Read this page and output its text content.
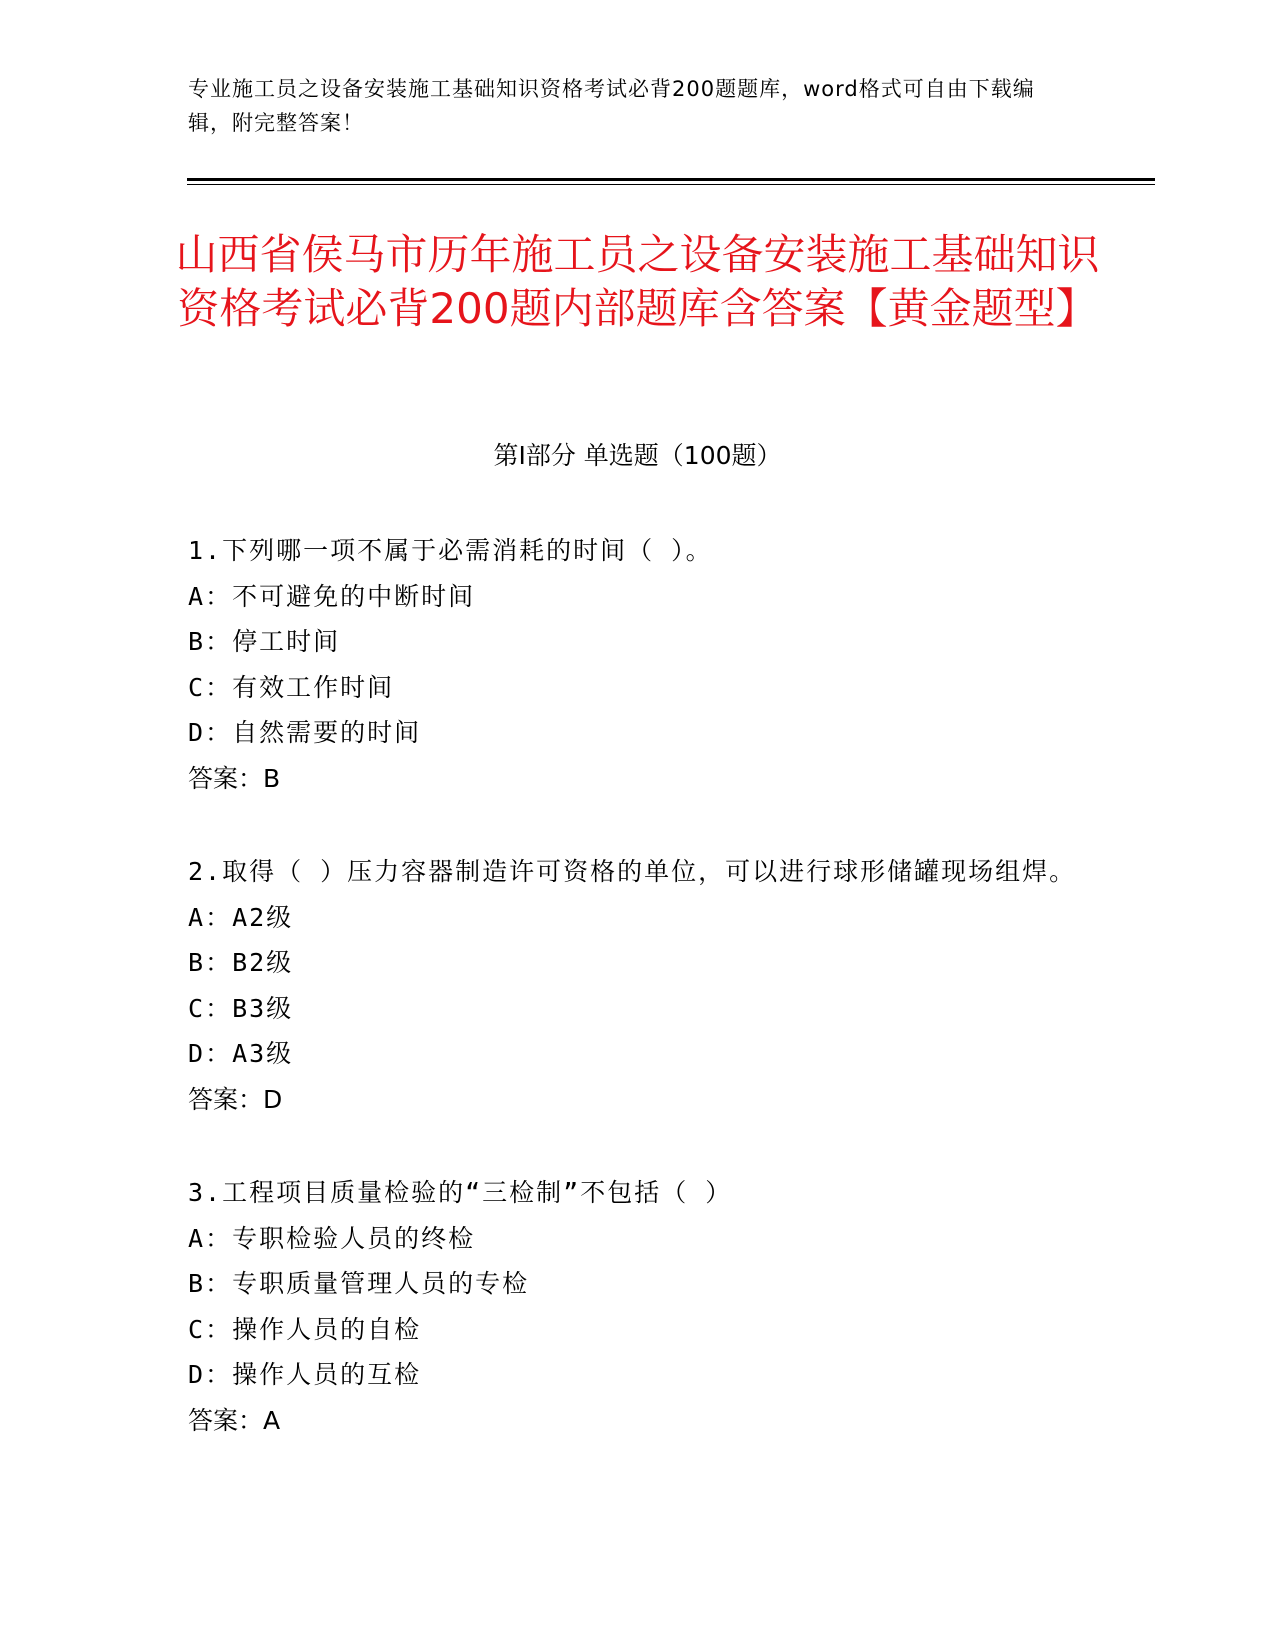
专业施工员之设备安装施工基础知识资格考试必背200题题库，word格式可自由下载编辑，附完整答案！
山西省侯马市历年施工员之设备安装施工基础知识资格考试必背200题内部题库含答案【黄金题型】
第Ⅰ部分 单选题（100题）

1.下列哪一项不属于必需消耗的时间（ ）。

A：不可避免的中断时间

B：停工时间

C：有效工作时间

D：自然需要的时间

答案：B

2.取得（ ）压力容器制造许可资格的单位，可以进行球形储罐现场组焊。

A：A2级

B：B2级

C：B3级

D：A3级

答案：D

3.工程项目质量检验的“三检制”不包括（ ）

A：专职检验人员的终检

B：专职质量管理人员的专检

C：操作人员的自检

D：操作人员的互检

答案：A
